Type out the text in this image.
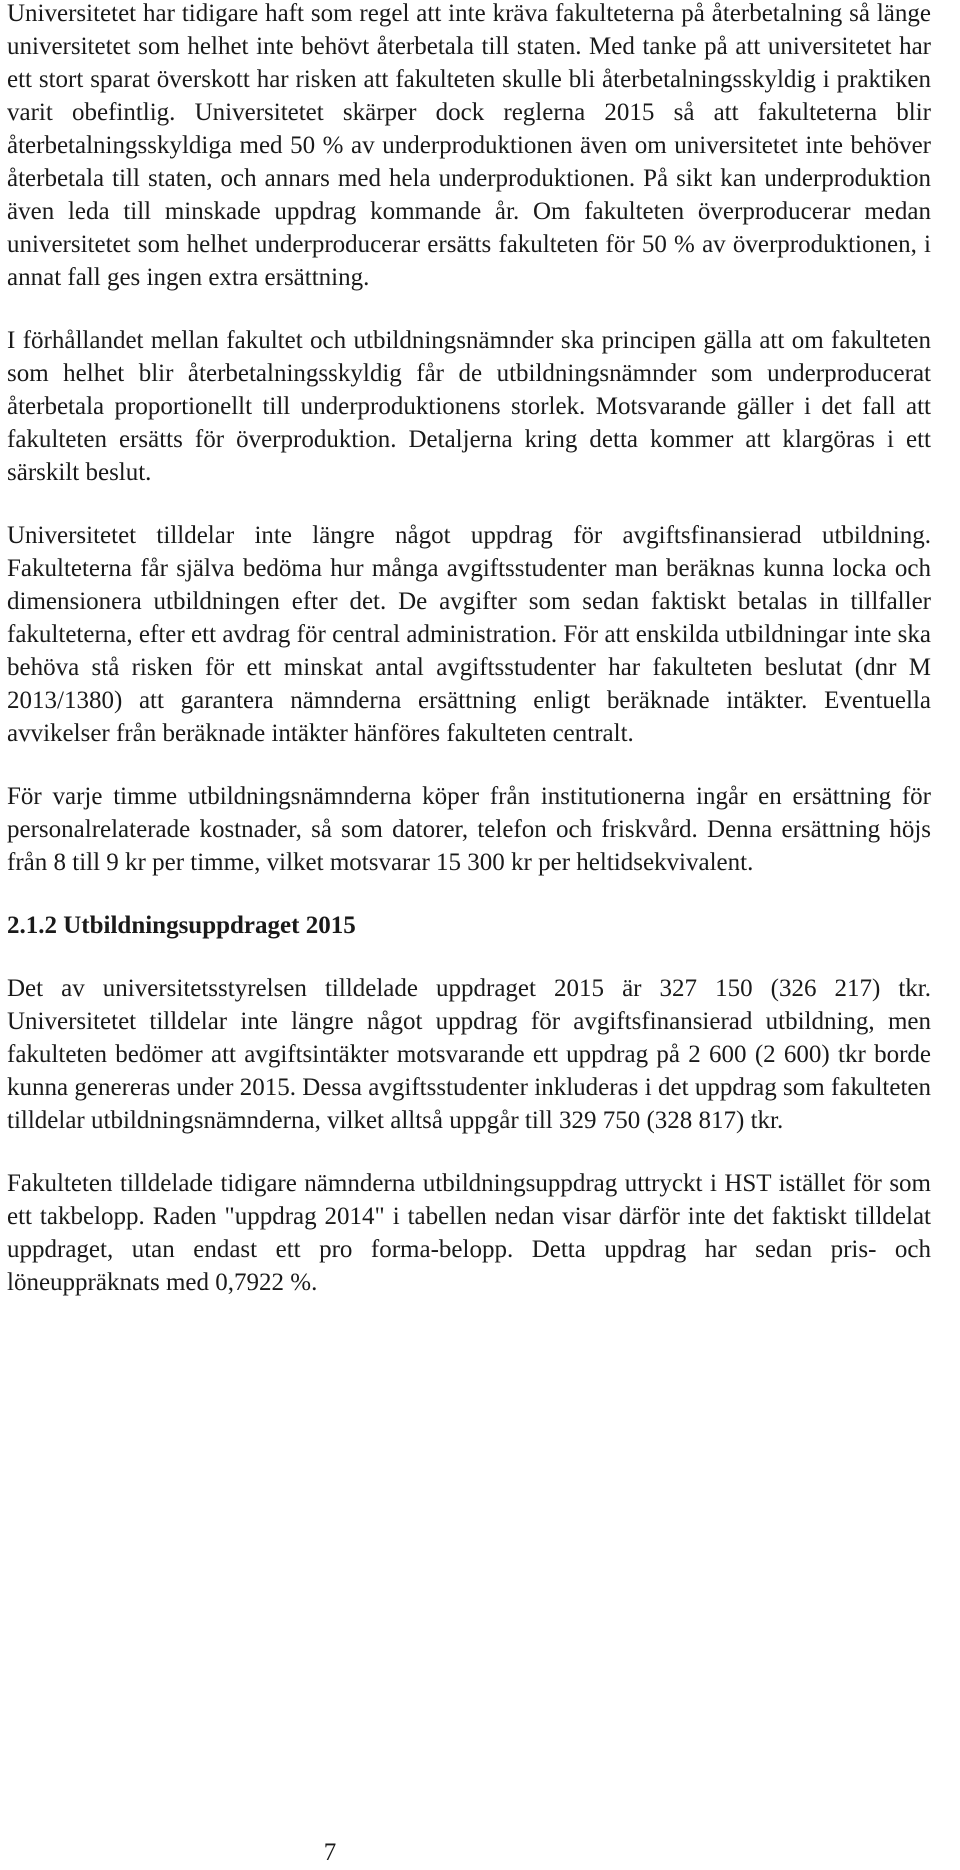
Universitetet har tidigare haft som regel att inte kräva fakulteterna på återbetalning så länge universitetet som helhet inte behövt återbetala till staten. Med tanke på att universitetet har ett stort sparat överskott har risken att fakulteten skulle bli återbetalningsskyldig i praktiken varit obefintlig. Universitetet skärper dock reglerna 2015 så att fakulteterna blir återbetalningsskyldiga med 50 % av underproduktionen även om universitetet inte behöver återbetala till staten, och annars med hela underproduktionen. På sikt kan underproduktion även leda till minskade uppdrag kommande år. Om fakulteten överproducerar medan universitetet som helhet underproducerar ersätts fakulteten för 50 % av överproduktionen, i annat fall ges ingen extra ersättning.

I förhållandet mellan fakultet och utbildningsnämnder ska principen gälla att om fakulteten som helhet blir återbetalningsskyldig får de utbildningsnämnder som underproducerat återbetala proportionellt till underproduktionens storlek. Motsvarande gäller i det fall att fakulteten ersätts för överproduktion. Detaljerna kring detta kommer att klargöras i ett särskilt beslut.

Universitetet tilldelar inte längre något uppdrag för avgiftsfinansierad utbildning. Fakulteterna får själva bedöma hur många avgiftsstudenter man beräknas kunna locka och dimensionera utbildningen efter det. De avgifter som sedan faktiskt betalas in tillfaller fakulteterna, efter ett avdrag för central administration. För att enskilda utbildningar inte ska behöva stå risken för ett minskat antal avgiftsstudenter har fakulteten beslutat (dnr M 2013/1380) att garantera nämnderna ersättning enligt beräknade intäkter. Eventuella avvikelser från beräknade intäkter hänföres fakulteten centralt.

För varje timme utbildningsnämnderna köper från institutionerna ingår en ersättning för personalrelaterade kostnader, så som datorer, telefon och friskvård. Denna ersättning höjs från 8 till 9 kr per timme, vilket motsvarar 15 300 kr per heltidsekvivalent.

2.1.2 Utbildningsuppdraget 2015

Det av universitetsstyrelsen tilldelade uppdraget 2015 är 327 150 (326 217) tkr. Universitetet tilldelar inte längre något uppdrag för avgiftsfinansierad utbildning, men fakulteten bedömer att avgiftsintäkter motsvarande ett uppdrag på 2 600 (2 600) tkr borde kunna genereras under 2015. Dessa avgiftsstudenter inkluderas i det uppdrag som fakulteten tilldelar utbildningsnämnderna, vilket alltså uppgår till 329 750 (328 817) tkr.

Fakulteten tilldelade tidigare nämnderna utbildningsuppdrag uttryckt i HST istället för som ett takbelopp. Raden "uppdrag 2014" i tabellen nedan visar därför inte det faktiskt tilldelat uppdraget, utan endast ett pro forma-belopp. Detta uppdrag har sedan pris- och löneuppräknats med 0,7922 %.

7
